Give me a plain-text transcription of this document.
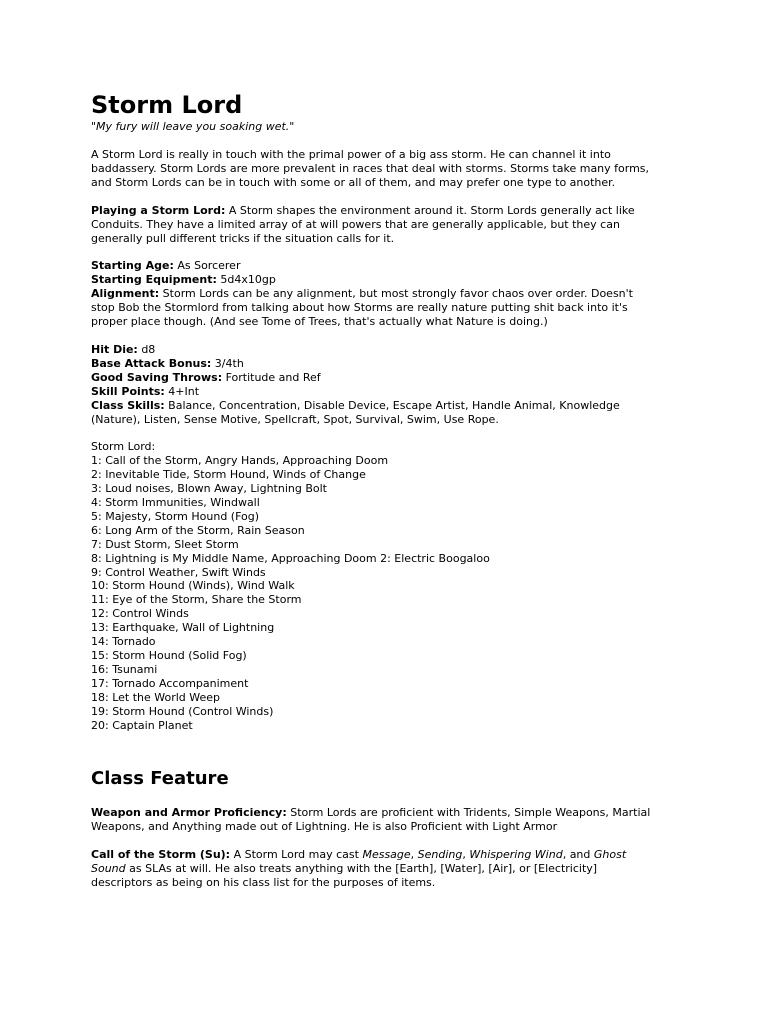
Storm Lord

"My fury will leave you soaking wet."

A Storm Lord is really in touch with the primal power of a big ass storm. He can channel it into
baddassery. Storm Lords are more prevalent in races that deal with storms. Storms take many forms,
and Storm Lords can be in touch with some or all of them, and may prefer one type to another.
Playing a Storm Lord: A Storm shapes the environment around it. Storm Lords generally act like
Conduits. They have a limited array of at will powers that are generally applicable, but they can
generally pull different tricks if the situation calls for it.
Starting Age: As Sorcerer
Starting Equipment: 5d4x10gp
Alignment: Storm Lords can be any alignment, but most strongly favor chaos over order. Doesn't
stop Bob the Stormlord from talking about how Storms are really nature putting shit back into it's
proper place though. (And see Tome of Trees, that's actually what Nature is doing.)
Hit Die: d8
Base Attack Bonus: 3/4th
Good Saving Throws: Fortitude and Ref
Skill Points: 4+Int
Class Skills: Balance, Concentration, Disable Device, Escape Artist, Handle Animal, Knowledge
(Nature), Listen, Sense Motive, Spellcraft, Spot, Survival, Swim, Use Rope.
Storm Lord:
1: Call of the Storm, Angry Hands, Approaching Doom
2: Inevitable Tide, Storm Hound, Winds of Change
3: Loud noises, Blown Away, Lightning Bolt
4: Storm Immunities, Windwall
5: Majesty, Storm Hound (Fog)
6: Long Arm of the Storm, Rain Season
7: Dust Storm, Sleet Storm
8: Lightning is My Middle Name, Approaching Doom 2: Electric Boogaloo
9: Control Weather, Swift Winds
10: Storm Hound (Winds), Wind Walk
11: Eye of the Storm, Share the Storm
12: Control Winds
13: Earthquake, Wall of Lightning
14: Tornado
15: Storm Hound (Solid Fog)
16: Tsunami
17: Tornado Accompaniment
18: Let the World Weep
19: Storm Hound (Control Winds)
20: Captain Planet
Class Feature
Weapon and Armor Proficiency: Storm Lords are proficient with Tridents, Simple Weapons, Martial
Weapons, and Anything made out of Lightning. He is also Proficient with Light Armor
Call of the Storm (Su): A Storm Lord may cast Message, Sending, Whispering Wind, and Ghost
Sound as SLAs at will. He also treats anything with the [Earth], [Water], [Air], or [Electricity]
descriptors as being on his class list for the purposes of items.
